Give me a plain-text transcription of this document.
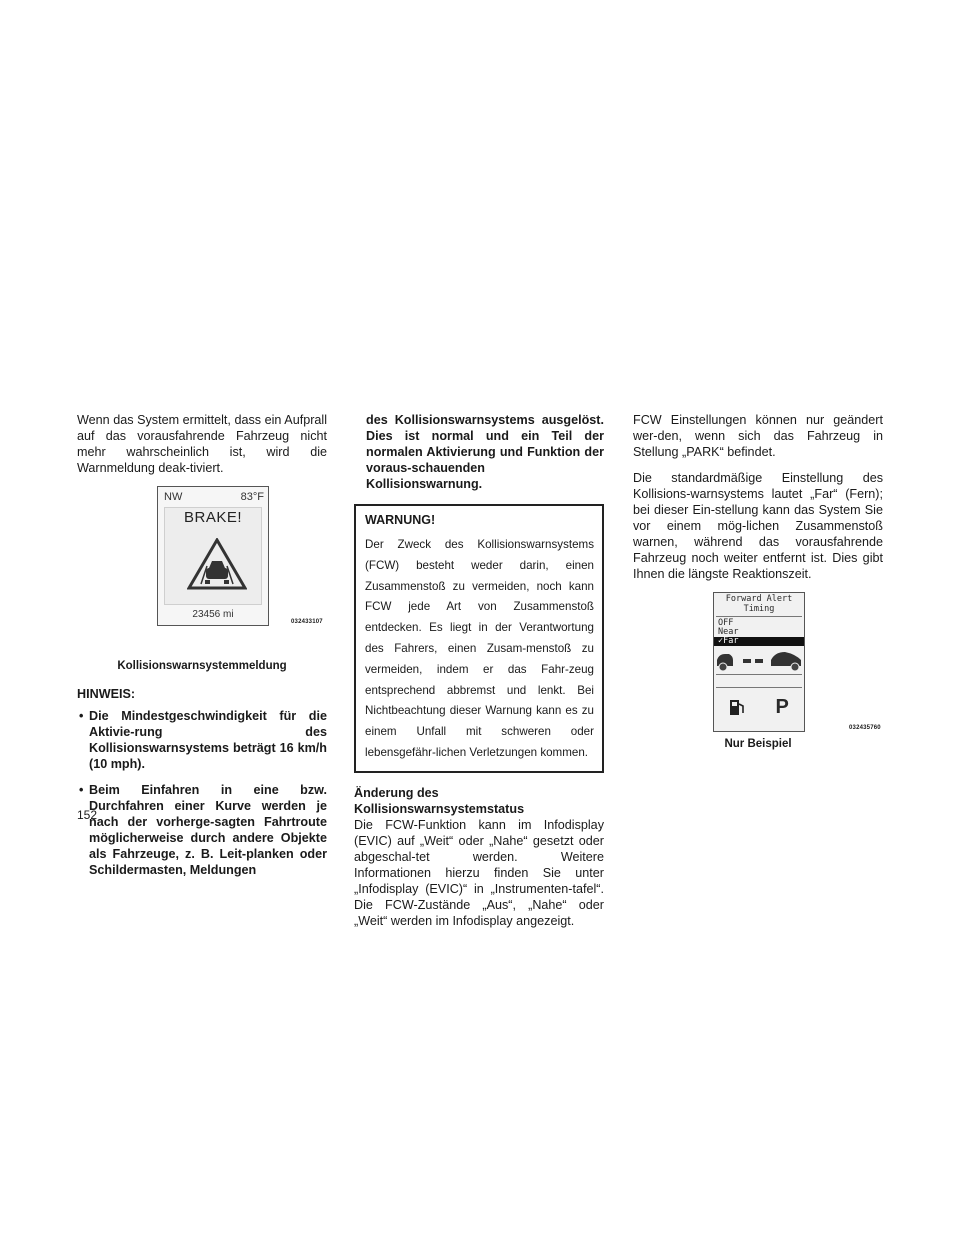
Wenn das System ermittelt, dass ein Aufprall auf das vorausfahrende Fahrzeug nicht mehr wahrscheinlich ist, wird die Warnmeldung deak-tiviert.

NW	83°F
BRAKE!
23456 mi
032433107
Kollisionswarnsystemmeldung
HINWEIS:
• Die Mindestgeschwindigkeit für die Aktivie-rung des Kollisionswarnsystems beträgt 16 km/h (10 mph).
• Beim Einfahren in eine bzw. Durchfahren einer Kurve werden je nach der vorherge-sagten Fahrtroute möglicherweise durch andere Objekte als Fahrzeuge, z. B. Leit-planken oder Schildermasten, Meldungen

des Kollisionswarnsystems ausgelöst. Dies ist normal und ein Teil der normalen Aktivierung und Funktion der voraus-schauenden Kollisionswarnung.

WARNUNG!

Der Zweck des Kollisionswarnsystems (FCW) besteht weder darin, einen Zusammenstoß zu vermeiden, noch kann FCW jede Art von Zusammenstoß entdecken. Es liegt in der Verantwortung des Fahrers, einen Zusam-menstoß zu vermeiden, indem er das Fahr-zeug entsprechend abbremst und lenkt. Bei Nichtbeachtung dieser Warnung kann es zu einem Unfall mit schweren oder lebensgefähr-lichen Verletzungen kommen.

Änderung des Kollisionswarnsystemstatus

Die FCW-Funktion kann im Infodisplay (EVIC) auf „Weit“ oder „Nahe“ gesetzt oder abgeschal-tet werden. Weitere Informationen hierzu finden Sie unter „Infodisplay (EVIC)“ in „Instrumenten-tafel“. Die FCW-Zustände „Aus“, „Nahe“ oder „Weit“ werden im Infodisplay angezeigt.

FCW Einstellungen können nur geändert wer-den, wenn sich das Fahrzeug in Stellung „PARK“ befindet.

Die standardmäßige Einstellung des Kollisions-warnsystems lautet „Far“ (Fern); bei dieser Ein-stellung kann das System Sie vor einem mög-lichen Zusammenstoß warnen, während das vorausfahrende Fahrzeug noch weiter entfernt ist. Dies gibt Ihnen die längste Reaktionszeit.

Forward Alert
Timing
OFF
Near
✓Far
P
032435760
Nur Beispiel
152
